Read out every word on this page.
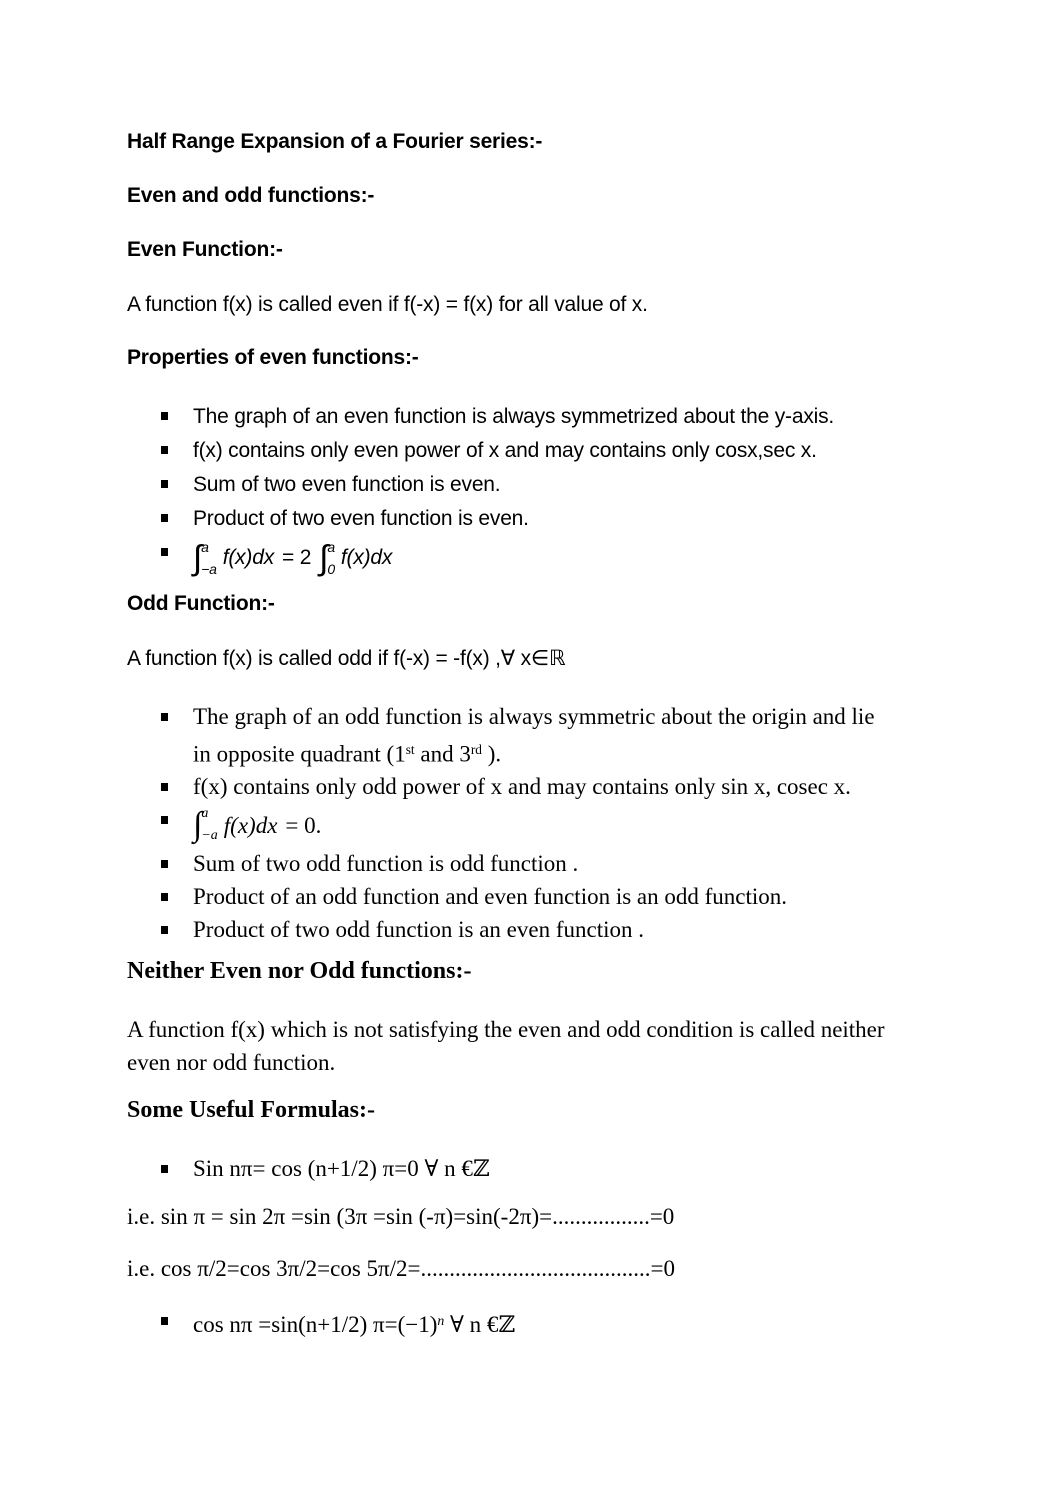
Half Range Expansion of a Fourier series:-
Even and odd functions:-
Even Function:-
A function f(x) is called even if f(-x) = f(x) for all value of x.
Properties of even functions:-
The graph of an even function is always symmetrized about the y-axis.
f(x) contains only even power of x and may contains only cosx,sec x.
Sum of two even function is even.
Product of two even function is even.
∫ a
−a f(x)dx = 2 ∫ a
0 f(x)dx
Odd Function:-
A function f(x) is called odd if f(-x) = -f(x) ,∀ x∈ℝ
The graph of an odd function is always symmetric about the origin and lie in opposite quadrant (1st and 3rd ).
f(x) contains only odd power of x and may contains only sin x, cosec x.
∫ a
−a f(x)dx = 0.
Sum of two odd function is odd function .
Product of an odd function and even function is an odd function.
Product of two odd function is an even function .
Neither Even nor Odd functions:-
A function f(x) which is not satisfying the even and odd condition is called neither even nor odd function.
Some Useful Formulas:-
Sin nπ= cos (n+1/2) π=0 ∀ n €ℤ
i.e. sin π = sin 2π =sin (3π =sin (-π)=sin(-2π)=.................=0
i.e. cos π/2=cos 3π/2=cos 5π/2=........................................=0
cos nπ =sin(n+1/2) $\pi=(-1)^n$ ∀ n €ℤ
